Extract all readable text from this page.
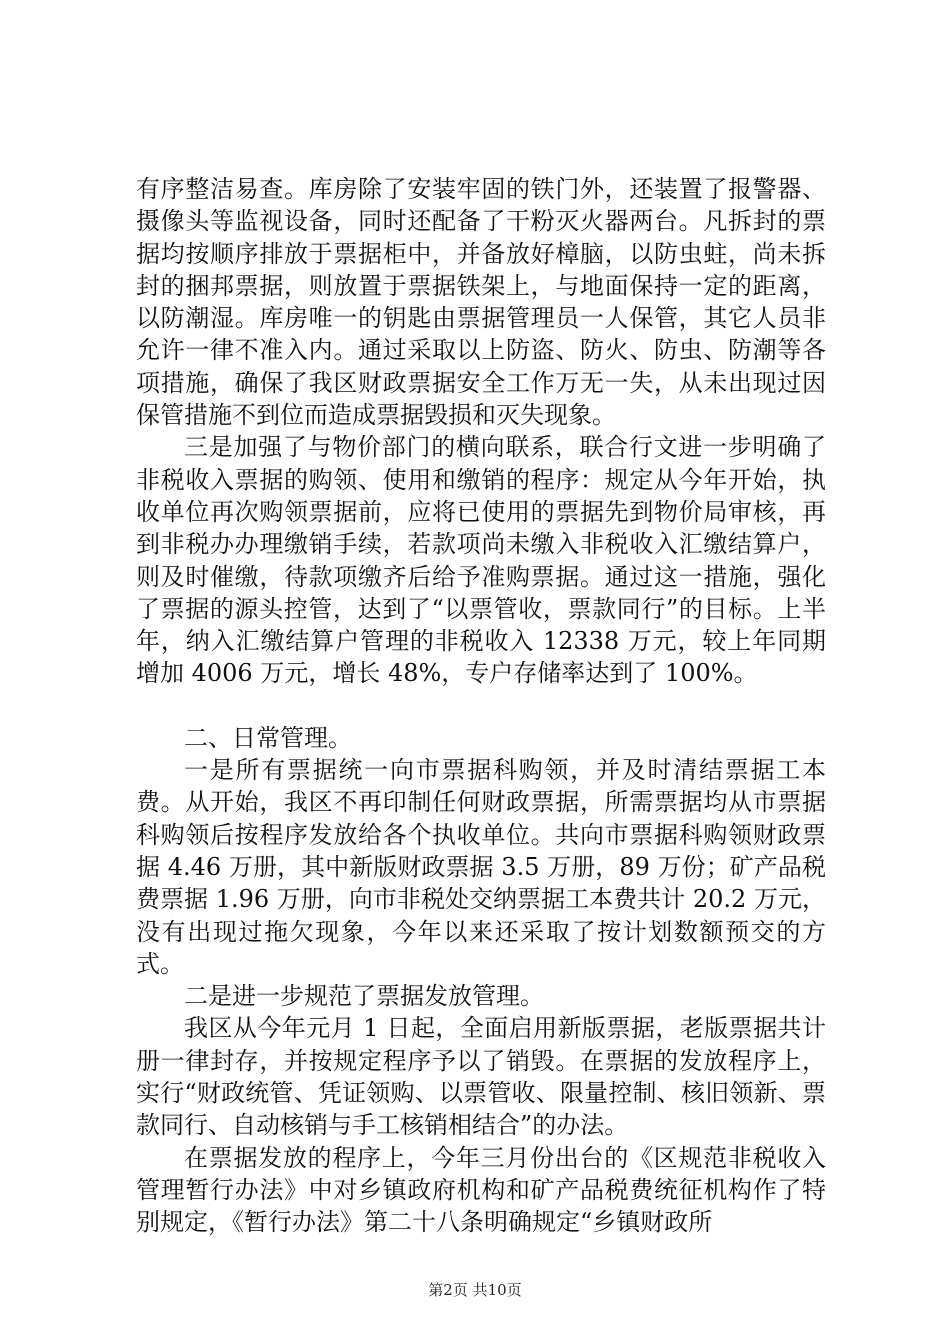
有序整洁易查。库房除了安装牢固的铁门外，还装置了报警器、摄像头等监视设备，同时还配备了干粉灭火器两台。凡拆封的票据均按顺序排放于票据柜中，并备放好樟脑，以防虫蛀，尚未拆封的捆邦票据，则放置于票据铁架上，与地面保持一定的距离，以防潮湿。库房唯一的钥匙由票据管理员一人保管，其它人员非允许一律不准入内。通过采取以上防盗、防火、防虫、防潮等各项措施，确保了我区财政票据安全工作万无一失，从未出现过因保管措施不到位而造成票据毁损和灭失现象。

三是加强了与物价部门的横向联系，联合行文进一步明确了非税收入票据的购领、使用和缴销的程序：规定从今年开始，执收单位再次购领票据前，应将已使用的票据先到物价局审核，再到非税办办理缴销手续，若款项尚未缴入非税收入汇缴结算户，则及时催缴，待款项缴齐后给予准购票据。通过这一措施，强化了票据的源头控管，达到了“以票管收，票款同行”的目标。上半年，纳入汇缴结算户管理的非税收入 12338 万元，较上年同期增加 4006 万元，增长 48%，专户存储率达到了 100%。

二、日常管理。

一是所有票据统一向市票据科购领，并及时清结票据工本费。从开始，我区不再印制任何财政票据，所需票据均从市票据科购领后按程序发放给各个执收单位。共向市票据科购领财政票据 4.46 万册，其中新版财政票据 3.5 万册，89 万份；矿产品税费票据 1.96 万册，向市非税处交纳票据工本费共计 20.2 万元，没有出现过拖欠现象，今年以来还采取了按计划数额预交的方式。

二是进一步规范了票据发放管理。

我区从今年元月 1 日起，全面启用新版票据，老版票据共计册一律封存，并按规定程序予以了销毁。在票据的发放程序上，实行“财政统管、凭证领购、以票管收、限量控制、核旧领新、票款同行、自动核销与手工核销相结合”的办法。

在票据发放的程序上，今年三月份出台的《区规范非税收入管理暂行办法》中对乡镇政府机构和矿产品税费统征机构作了特别规定，《暂行办法》第二十八条明确规定“乡镇财政所

第2页 共10页
